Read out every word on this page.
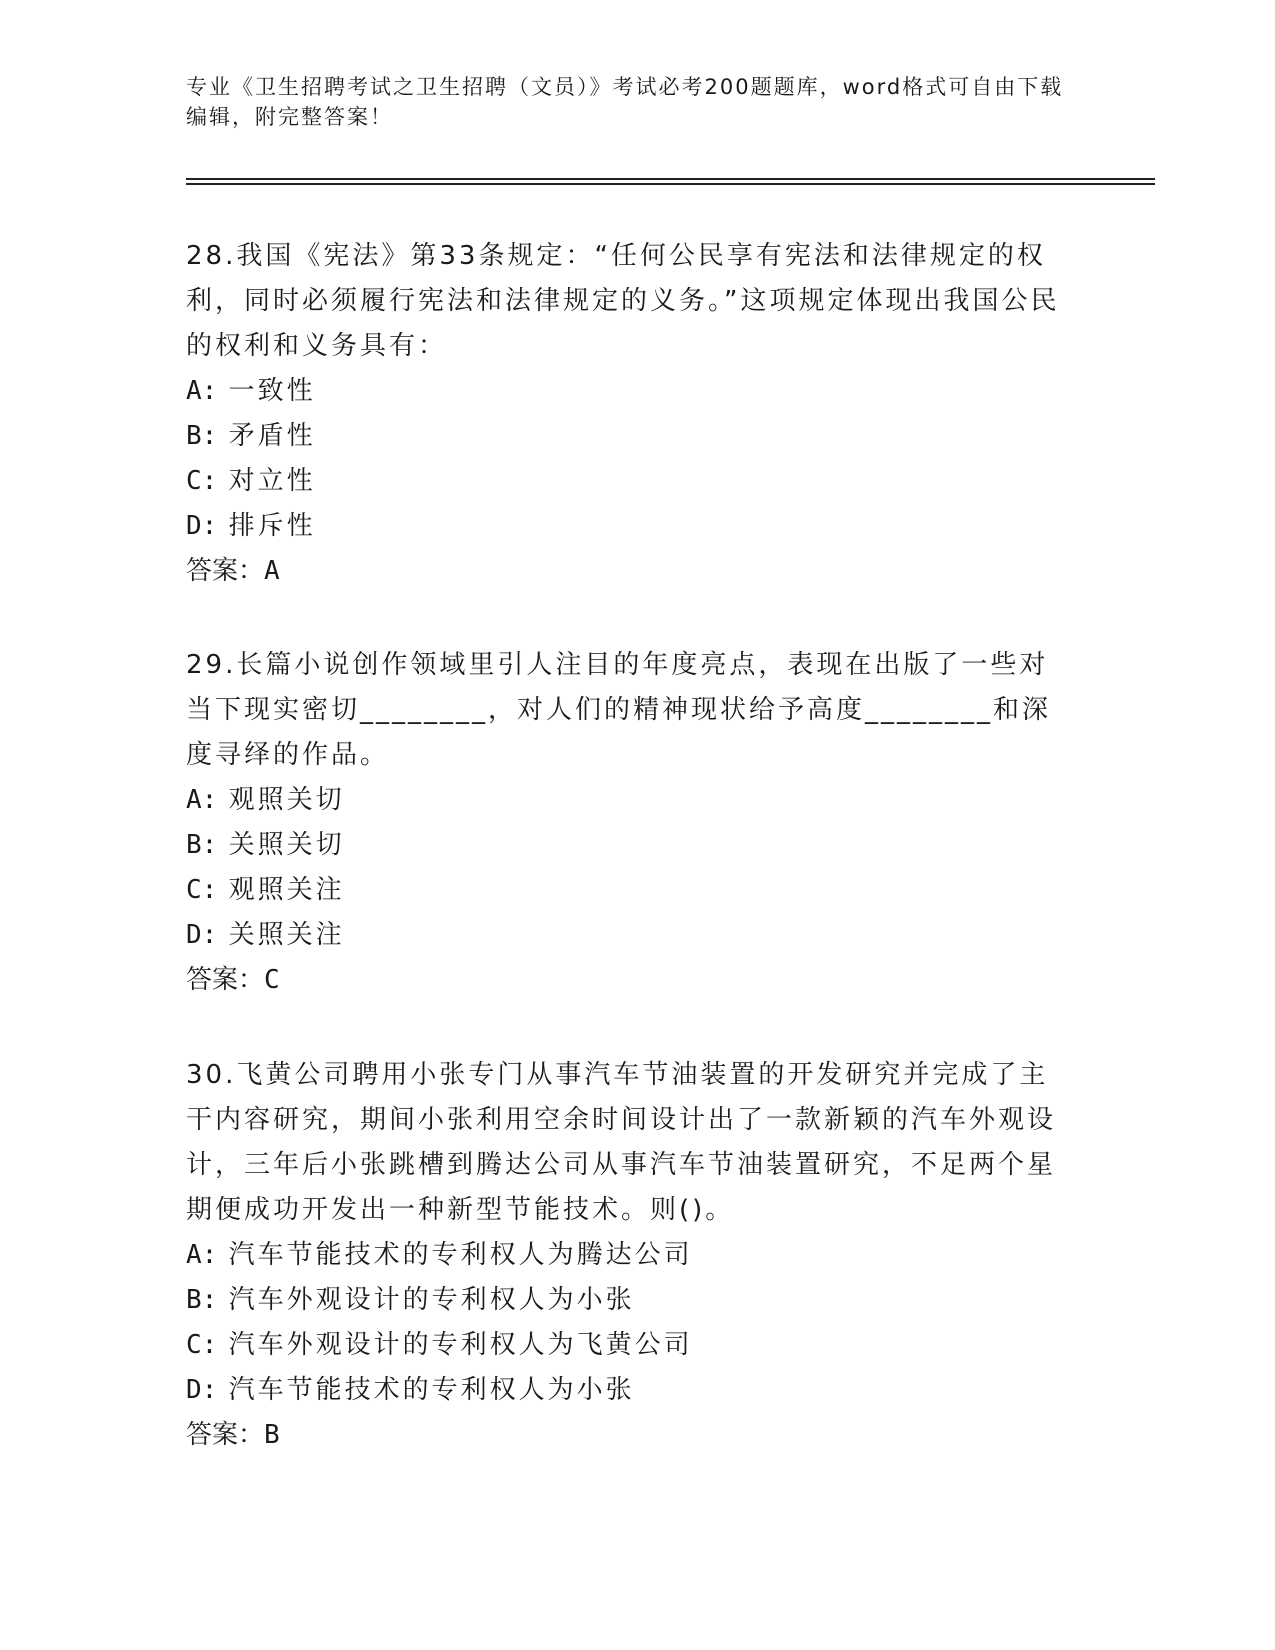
专业《卫生招聘考试之卫生招聘（文员）》考试必考200题题库，word格式可自由下载编辑，附完整答案！

28.我国《宪法》第33条规定：“任何公民享有宪法和法律规定的权利，同时必须履行宪法和法律规定的义务。”这项规定体现出我国公民的权利和义务具有：

A: 一致性

B: 矛盾性

C: 对立性

D: 排斥性

答案：A

29.长篇小说创作领域里引人注目的年度亮点，表现在出版了一些对当下现实密切________，对人们的精神现状给予高度________和深度寻绎的作品。

A: 观照关切

B: 关照关切

C: 观照关注

D: 关照关注

答案：C

30.飞黄公司聘用小张专门从事汽车节油装置的开发研究并完成了主干内容研究，期间小张利用空余时间设计出了一款新颖的汽车外观设计，三年后小张跳槽到腾达公司从事汽车节油装置研究，不足两个星期便成功开发出一种新型节能技术。则()。

A: 汽车节能技术的专利权人为腾达公司

B: 汽车外观设计的专利权人为小张

C: 汽车外观设计的专利权人为飞黄公司

D: 汽车节能技术的专利权人为小张

答案：B
